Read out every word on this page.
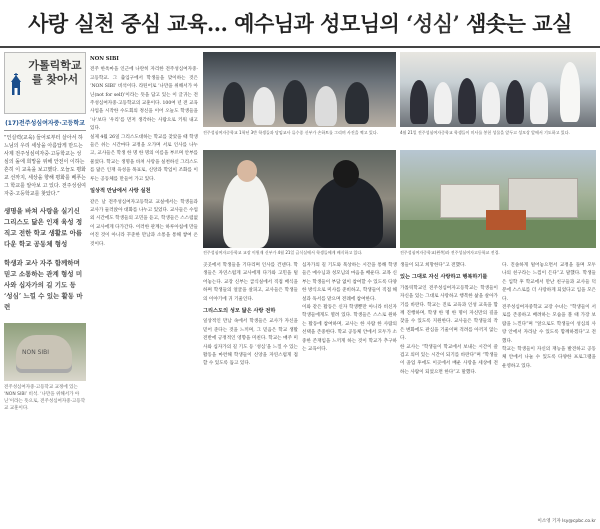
사랑 실천 중심 교육… 예수님과 성모님의 ‘성심’ 샘솟는 교실
가톨릭학교를 찾아서
(17)전주성심여자중·고등학교
“인실력(교육) 들어로부터 살아서 하느님의 우리 세상을 아름답게 만드는 사제 전주성심여자중·고등학교는 성심의 돌에 희망을 위해 안전이 이하는 흔히 이 교육을 보고했다. 오늘도 평화교 선까지, 세상을 향해 평화를 베푸는 그 학교를 알아보 고 있다. 전주성심여자중·고등학교를 찾았다.”
생명을 바쳐 사랑을 실기신 그리스도 닮은 인재 육성 정직고 전한 학교 생활로 아름다운 학교 공동체 형성
학생과 교사 자주 함께하며 믿고 소통하는 관계 형성 미사와 십자가의 길 기도 등 ‘성심’ 느낄 수 있는 활동 마련
NON SIBI
전주성심여자중·고등학교 교정에 있는 ‘NON SIBI’ 비석. ‘나만을 위해서가 아닌’이라는 뜻으로, 전주성심여자중·고등학교 교훈이다.
NON SIBI

전주 한옥마을 인근에 나란히 자리한 전주성심여자중·고등학교. 그 출입구에서 학생들을 맞이하는 것은 ‘NON SIBI’ 비석이다. 라틴어로 ‘나만을 위해서가 아닌(not for self)’이라는 뜻을 담고 있는 이 글귀는 전주성심여자중·고등학교의 교훈이다. 100여 년 전 교육 사업을 시작한 수도회의 정신을 이어 오늘도 학생들을 ‘나’보다 ‘우리’를 먼저 생각하는 사람으로 키워 내고 있다.

실제 4월 26일 그리스도대하는 학교를 찾았을 때 학생들은 쉬는 시간마다 교정을 오가며 서로 인사를 나누고, 교사들은 학생 한 명 한 명의 이름을 부르며 안부를 물었다. 학교는 생명을 바쳐 사랑을 실천하신 그리스도를 닮은 인재 육성을 목표로, 신앙과 학업이 조화를 이루는 공동체를 만들어 가고 있다.

일상적 만남에서 사랑 실천

같은 날 전주성심여자고등학교 교실에서는 학생들과 교사가 둘러앉아 대화를 나누고 있었다. 교사들은 수업 외 시간에도 학생들의 고민을 듣고, 학생들은 스스럼없이 교사에게 다가간다. 이러한 관계는 하루아침에 만들어진 것이 아니라 꾸준한 만남과 소통을 통해 쌓여 온 것이다.

전주성심여자중학교 1학년 3반 학생들과 담임교사 류수종 신부가 손하트를 그리며 사진을 찍고 있다.	4월 21일 전주성심여자중학교 학생들이 미사를 봉헌 성물을 앞두고 성모상 앞에서 기도하고 있다.
전주성심여자고등학교 교장 이원재 신부가 4월 21일 급식실에서 학생들에게 배식하고 있다.	전주성심여자중학교(왼쪽)과 전주성심여자고등학교 전경.

곳곳에서 학생들을 기다리며 인사를 건넨다. 학생들은 자연스럽게 교사에게 다가와 고민을 털어놓는다. 교장 신부는 급식실에서 직접 배식을 하며 학생들의 얼굴을 살피고, 교사들은 학생들의 이야기에 귀 기울인다.

그리스도의 성모 닮은 사랑 전하

일상적인 만남 속에서 학생들은 교사가 자신을 믿어 준다는 것을 느끼며, 그 믿음은 학교 생활 전반에 긍정적인 영향을 미친다. 학교는 매주 미사와 십자가의 길 기도 등 ‘성심’을 느낄 수 있는 활동을 마련해 학생들이 신앙을 자연스럽게 접할 수 있도록 돕고 있다.

십자가의 길 기도와 묵상하는 시간을 통해 학생들은 예수님과 성모님의 마음을 배운다. 교목 신부는 학생들이 부담 없이 참여할 수 있도록 다양한 방식으로 미사를 준비하고, 학생들이 직접 해설과 독서를 맡으며 전례에 참여한다.

이와 같은 활동은 신자 학생뿐만 아니라 비신자 학생들에게도 열려 있다. 학생들은 스스로 원하는 활동에 참여하며, 교사는 한 사람 한 사람의 선택을 존중한다. 학교 공동체 안에서 모두가 소중한 존재임을 느끼게 하는 것이 학교가 추구하는 교육이다.

생들이 되고 희망한다”고 전했다.

있는 그대로 자신 사랑하고 행복하기를

가톨릭학교인 전주성심여자고등학교는 학생들이 자신을 있는 그대로 사랑하고 행복한 삶을 살아가기를 바란다. 학교는 진로 교육과 인성 교육을 함께 진행하며, 학생 한 명 한 명이 자신만의 길을 찾을 수 있도록 지원한다. 교사들은 학생들의 작은 변화에도 관심을 기울이며 격려를 아끼지 않는다.

한 교사는 “학생들이 학교에서 보내는 시간이 즐겁고 의미 있는 시간이 되기를 바란다”며 “학생들이 졸업 후에도 이곳에서 배운 사랑을 세상에 전하는 사람이 되었으면 한다”고 말했다.

다. 진솔하게 털어놓으면서 교정을 돌며 모두 나의 친구라는 느낌이 든다”고 말했다. 학생들은 입학 후 학교에서 만난 친구들과 교사들 덕분에 스스로를 더 사랑하게 되었다고 입을 모은다.

전주성심여자중학교 교장 수녀는 “학생들이 서로를 존중하고 배려하는 모습을 볼 때 가장 보람을 느낀다”며 “앞으로도 학생들이 성심의 사랑 안에서 자라날 수 있도록 함께하겠다”고 전했다.

학교는 학생들이 자신의 재능을 발견하고 공동체 안에서 나눌 수 있도록 다양한 프로그램을 운영하고 있다.

이소영 기자 lsy@cpbc.co.kr
